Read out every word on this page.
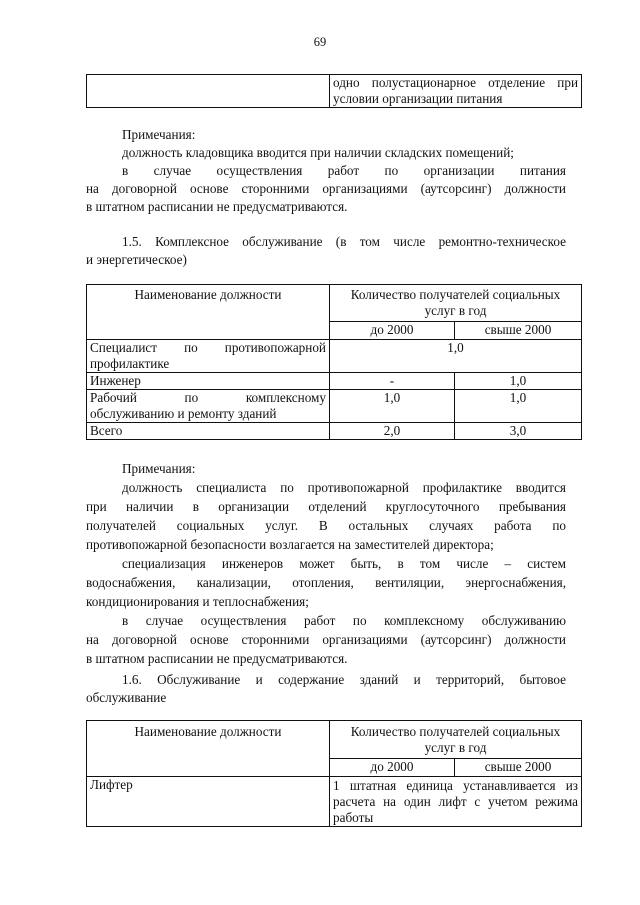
69

одно полустационарное отделение при
условии организации питания
Примечания:
должность кладовщика вводится при наличии складских помещений;
в случае осуществления работ по организации питания
на договорной основе сторонними организациями (аутсорсинг) должности
в штатном расписании не предусматриваются.
1.5. Комплексное обслуживание (в том числе ремонтно-техническое
и энергетическое)
Наименование должности	Количество получателей социальных
услуг в год	

	до 2000	свыше 2000

Специалист по противопожарной
профилактике	1,0	
Инженер	-	1,0

Рабочий по комплексному
обслуживанию и ремонту зданий	1,0	1,0
Всего	2,0	3,0
Примечания:
должность специалиста по противопожарной профилактике вводится
при наличии в организации отделений круглосуточного пребывания
получателей социальных услуг. В остальных случаях работа по
противопожарной безопасности возлагается на заместителей директора;
специализация инженеров может быть, в том числе – систем
водоснабжения, канализации, отопления, вентиляции, энергоснабжения,
кондиционирования и теплоснабжения;
в случае осуществления работ по комплексному обслуживанию
на договорной основе сторонними организациями (аутсорсинг) должности
в штатном расписании не предусматриваются.
1.6. Обслуживание и содержание зданий и территорий, бытовое
обслуживание
Наименование должности	Количество получателей социальных
услуг в год	

	до 2000	свыше 2000
Лифтер	1 штатная единица устанавливается из
расчета на один лифт с учетом режима
работы	
